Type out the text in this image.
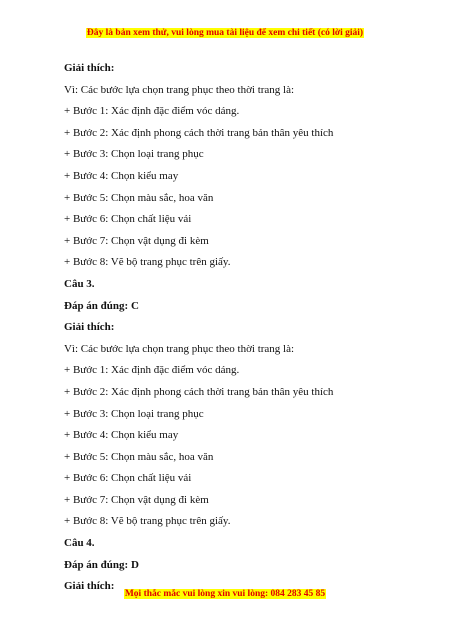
Đây là bản xem thử, vui lòng mua tài liệu để xem chi tiết (có lời giải)
Giải thích:
Vì: Các bước lựa chọn trang phục theo thời trang là:
+ Bước 1: Xác định đặc điểm vóc dáng.
+ Bước 2: Xác định phong cách thời trang bản thân yêu thích
+ Bước 3: Chọn loại trang phục
+ Bước 4: Chọn kiểu may
+ Bước 5: Chọn màu sắc, hoa văn
+ Bước 6: Chọn chất liệu vải
+ Bước 7: Chọn vật dụng đi kèm
+ Bước 8: Vẽ bộ trang phục trên giấy.
Câu 3.
Đáp án đúng: C
Giải thích:
Vì: Các bước lựa chọn trang phục theo thời trang là:
+ Bước 1: Xác định đặc điểm vóc dáng.
+ Bước 2: Xác định phong cách thời trang bản thân yêu thích
+ Bước 3: Chọn loại trang phục
+ Bước 4: Chọn kiểu may
+ Bước 5: Chọn màu sắc, hoa văn
+ Bước 6: Chọn chất liệu vải
+ Bước 7: Chọn vật dụng đi kèm
+ Bước 8: Vẽ bộ trang phục trên giấy.
Câu 4.
Đáp án đúng: D
Giải thích:
Mọi thắc mắc vui lòng xin vui lòng: 084 283 45 85
